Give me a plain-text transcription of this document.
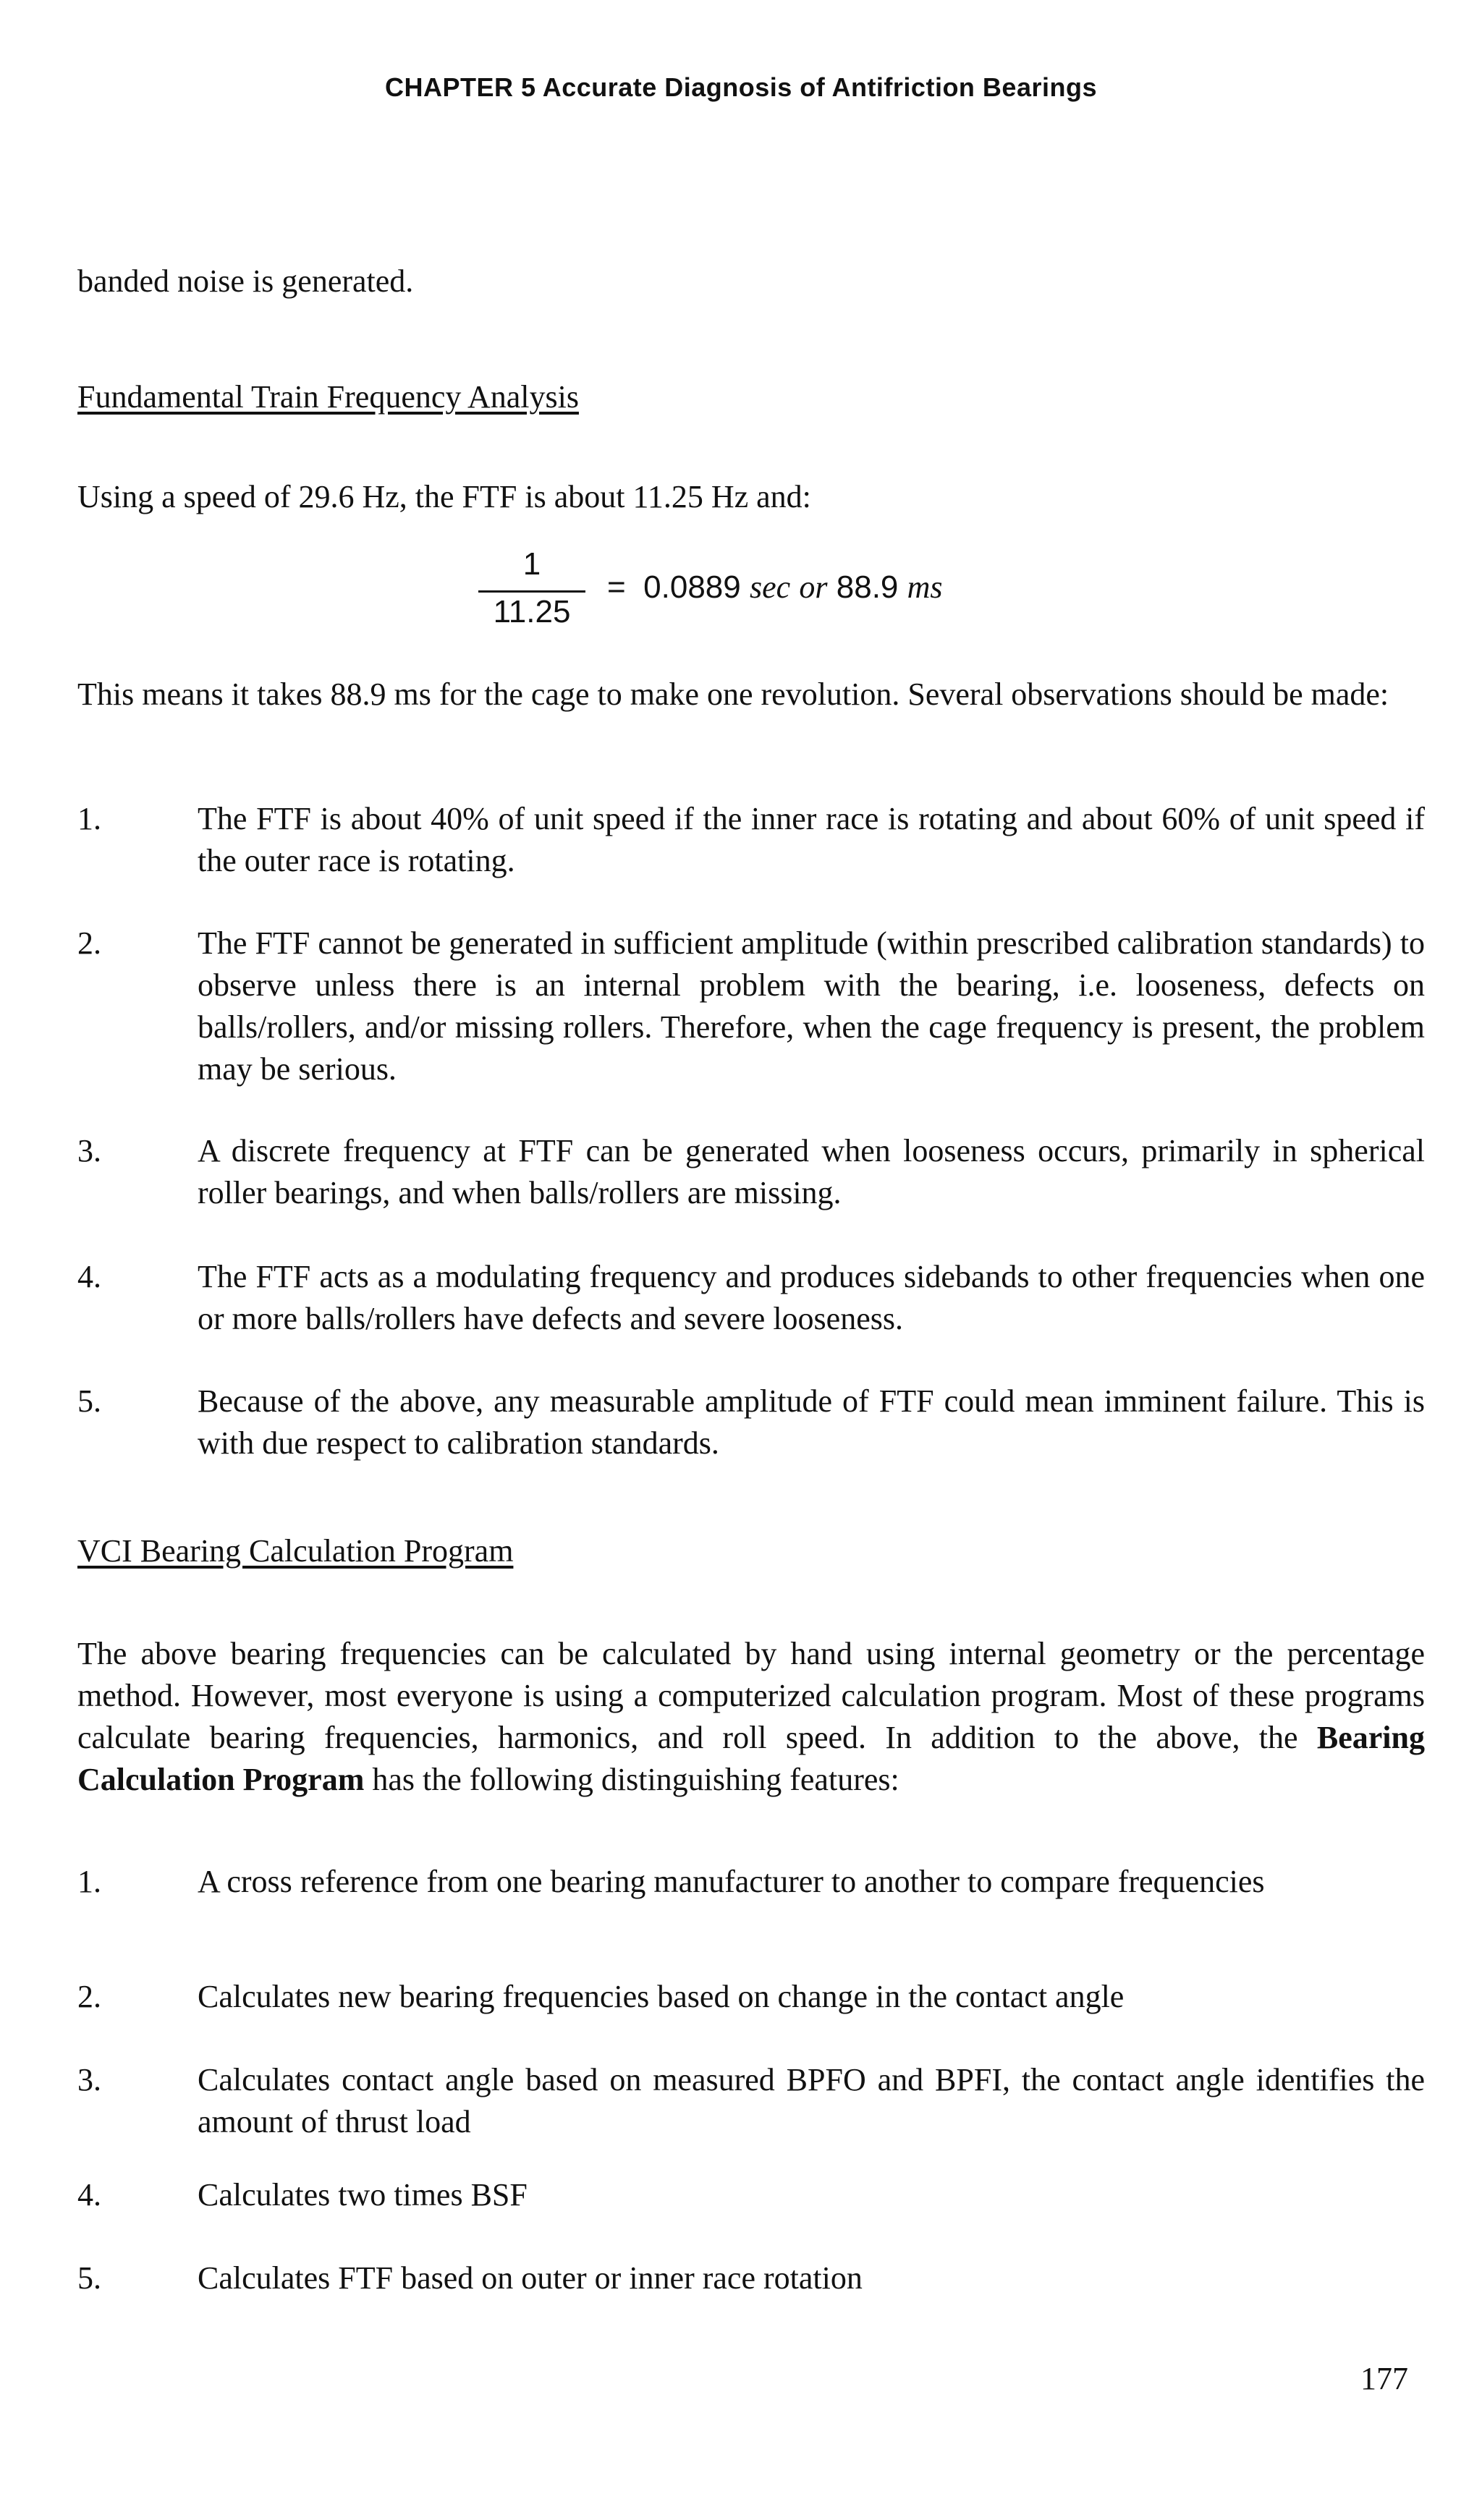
CHAPTER 5 Accurate Diagnosis of Antifriction Bearings

banded noise is generated.

Fundamental Train Frequency Analysis

Using a speed of 29.6 Hz, the FTF is about 11.25 Hz and:

1
11.25
= 0.0889 sec or 88.9 ms

This means it takes 88.9 ms for the cage to make one revolution. Several observations should be made:

1.	The FTF is about 40% of unit speed if the inner race is rotating and about 60% of unit speed if the outer race is rotating.

2.	The FTF cannot be generated in sufficient amplitude (within prescribed calibration standards) to observe unless there is an internal problem with the bearing, i.e. looseness, defects on balls/rollers, and/or missing rollers. Therefore, when the cage frequency is present, the problem may be serious.

3.	A discrete frequency at FTF can be generated when looseness occurs, primarily in spherical roller bearings, and when balls/rollers are missing.

4.	The FTF acts as a modulating frequency and produces sidebands to other frequencies when one or more balls/rollers have defects and severe looseness.

5.	Because of the above, any measurable amplitude of FTF could mean imminent failure. This is with due respect to calibration standards.

VCI Bearing Calculation Program

The above bearing frequencies can be calculated by hand using internal geometry or the percentage method. However, most everyone is using a computerized calculation program. Most of these programs calculate bearing frequencies, harmonics, and roll speed. In addition to the above, the Bearing Calculation Program has the following distinguishing features:

1.	A cross reference from one bearing manufacturer to another to compare frequencies

2.	Calculates new bearing frequencies based on change in the contact angle

3.	Calculates contact angle based on measured BPFO and BPFI, the contact angle identifies the amount of thrust load

4.	Calculates two times BSF

5.	Calculates FTF based on outer or inner race rotation

177
